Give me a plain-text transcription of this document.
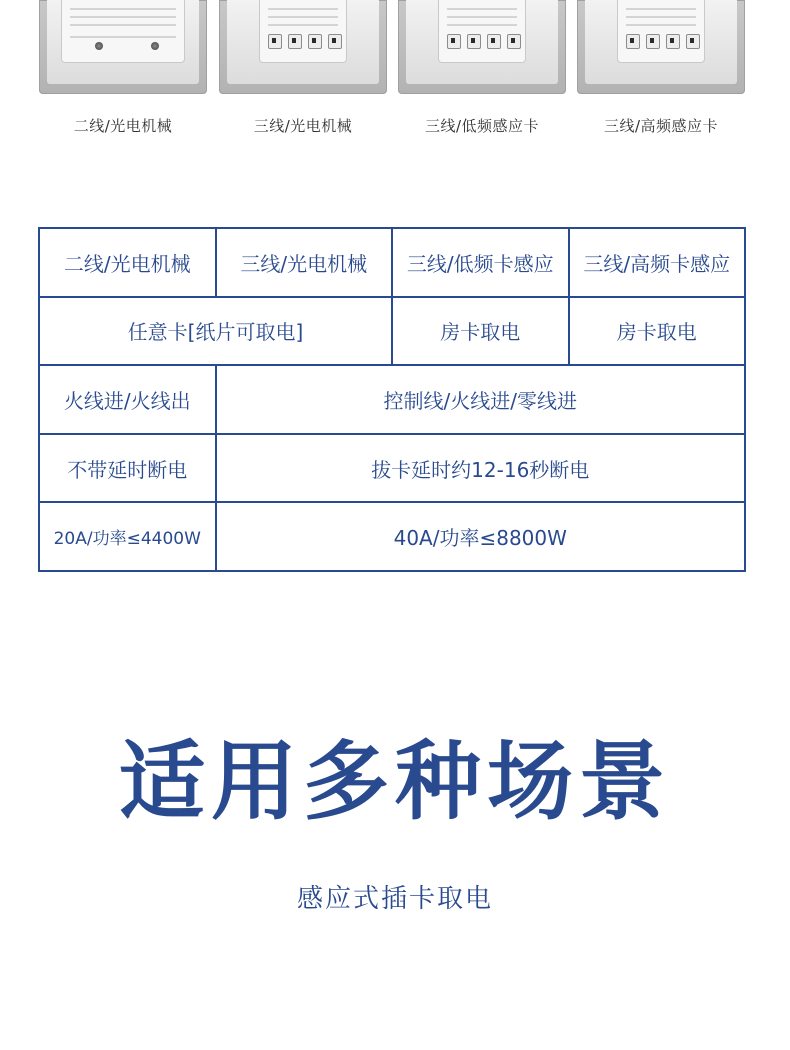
二线/光电机械	三线/光电机械	三线/低频感应卡	三线/高频感应卡
二线/光电机械	三线/光电机械	三线/低频卡感应	三线/高频卡感应
任意卡[纸片可取电]		房卡取电	房卡取电
火线进/火线出	控制线/火线进/零线进		
不带延时断电	拔卡延时约12-16秒断电		
20A/功率≤4400W	40A/功率≤8800W		
适用多种场景
感应式插卡取电
